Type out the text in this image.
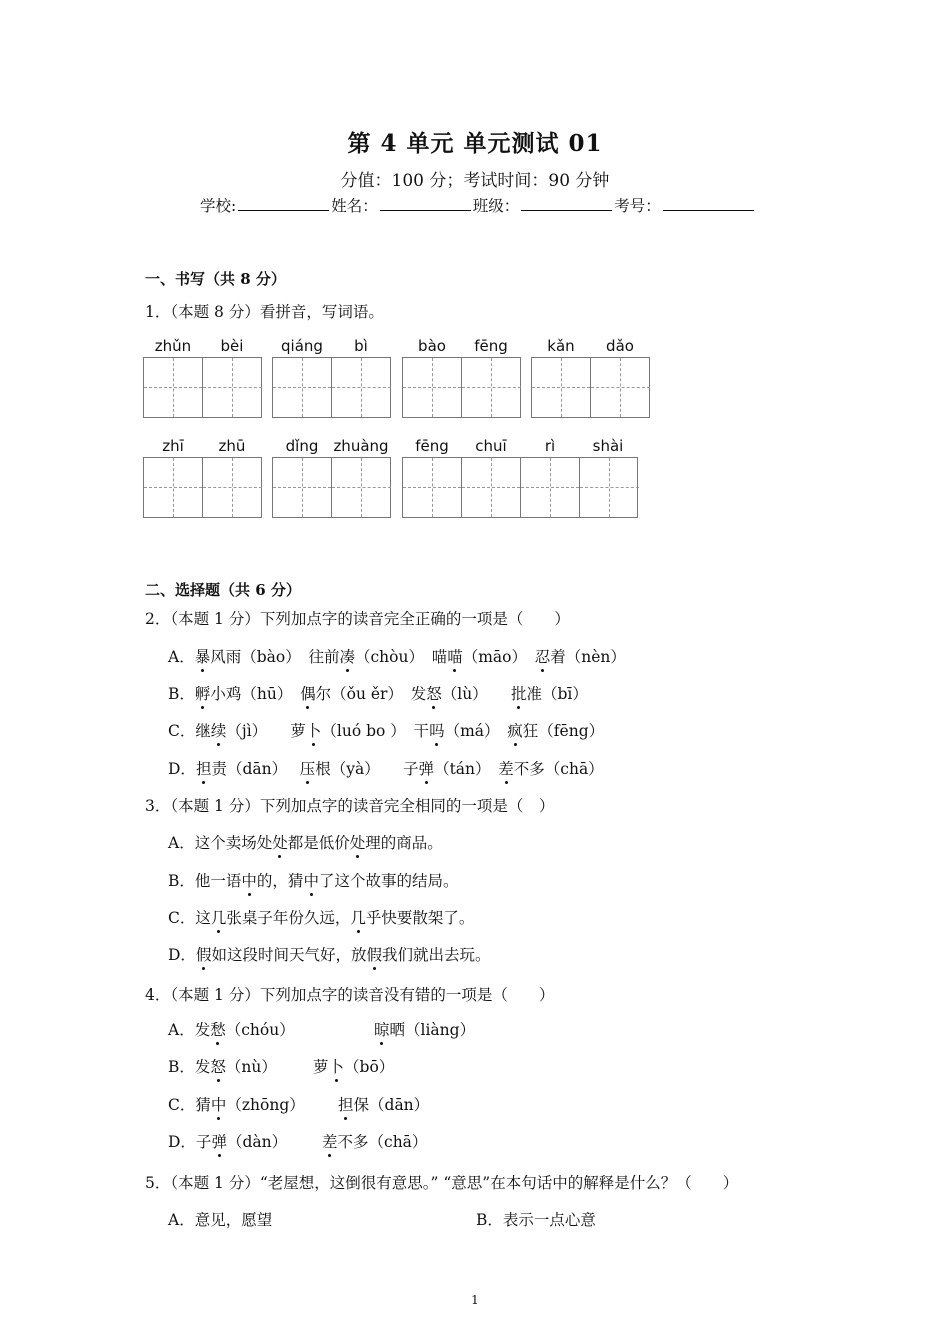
第 4 单元 单元测试 01
分值：100 分；考试时间：90 分钟
学校:	姓名：	班级：	考号：
一、书写（共 8 分）
1．（本题 8 分）看拼音，写词语。
zhǔn	bèi	qiáng	bì	bào	fēng	kǎn	dǎo
zhī	zhū	dǐng	zhuàng	fēng	chuī	rì	shài
二、选择题（共 6 分）
2．（本题 1 分）下列加点字的读音完全正确的一项是（　　）
A．暴风雨（bào）　往前凑（chòu）　喵喵（māo）　忍着（nèn）
B．孵小鸡（hū）　偶尔（ǒu ěr）　发怒（lù）　　批准（bī）
C．继续（jì）　　萝卜（luó bo ）　干吗（má）　疯狂（fēng）
D．担责（dān）　 压根（yà）　　子弹（tán）　差不多（chā）
3．（本题 1 分）下列加点字的读音完全相同的一项是（　）
A．这个卖场处处都是低价处理的商品。
B．他一语中的，猜中了这个故事的结局。
C．这几张桌子年份久远，几乎快要散架了。
D．假如这段时间天气好，放假我们就出去玩。
4．（本题 1 分）下列加点字的读音没有错的一项是（　　）
A．发愁（chóu）	晾晒（liàng）
B．发怒（nù） 萝卜（bō）
C．猜中（zhōng） 担保（dān）
D．子弹（dàn） 差不多（chā）
5．（本题 1 分）“老屋想，这倒很有意思。” “意思”在本句话中的解释是什么？（　　）
A．意见，愿望	B．表示一点心意
1
